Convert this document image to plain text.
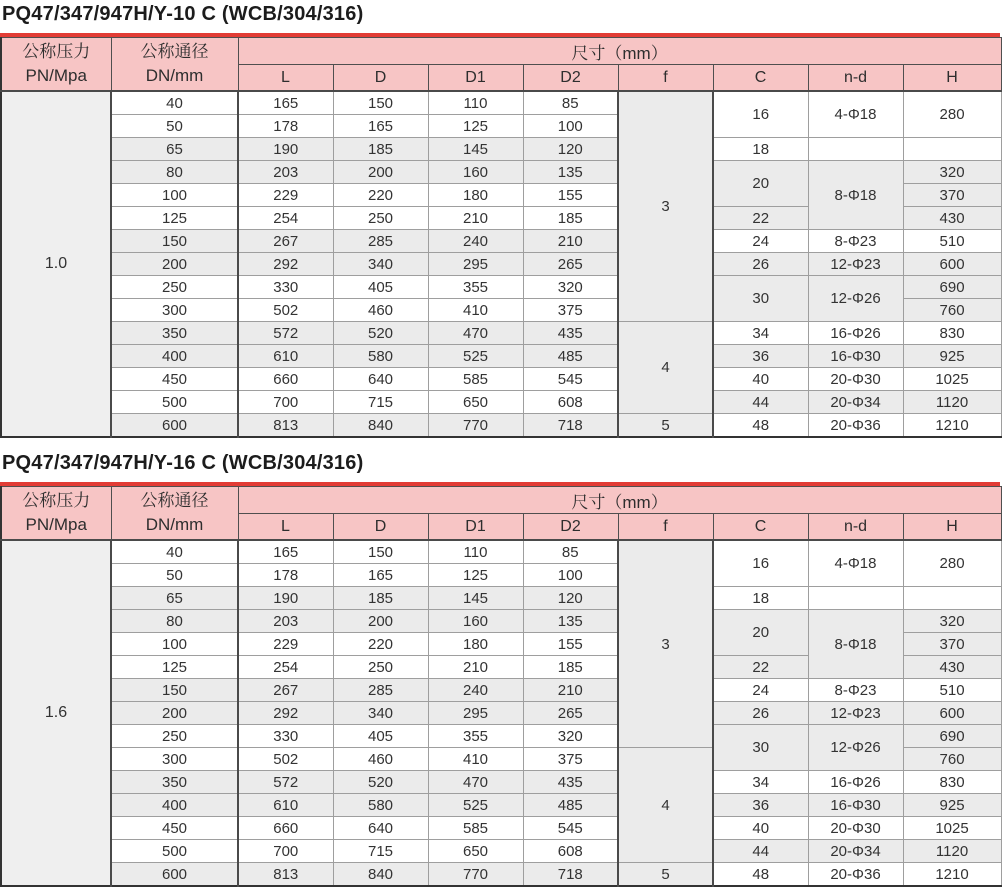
PQ47/347/947H/Y-10 C (WCB/304/316)
公称压力
PN/Mpa	公称通径
DN/mm	尺寸（mm）							
		L	D	D1	D2	f	C	n-d	H
1.0	40	165	150	110	85	3	16	4-Φ18	280
	50	178	165	125	100				
	65	190	185	145	120		18		
	80	203	200	160	135		20	8-Φ18	320
	100	229	220	180	155				370
	125	254	250	210	185		22		430
	150	267	285	240	210		24	8-Φ23	510
	200	292	340	295	265		26	12-Φ23	600
	250	330	405	355	320		30	12-Φ26	690
	300	502	460	410	375				760
	350	572	520	470	435	4	34	16-Φ26	830
	400	610	580	525	485		36	16-Φ30	925
	450	660	640	585	545		40	20-Φ30	1025
	500	700	715	650	608		44	20-Φ34	1120
	600	813	840	770	718	5	48	20-Φ36	1210
PQ47/347/947H/Y-16 C (WCB/304/316)
公称压力
PN/Mpa	公称通径
DN/mm	尺寸（mm）							
		L	D	D1	D2	f	C	n-d	H
1.6	40	165	150	110	85	3	16	4-Φ18	280
	50	178	165	125	100				
	65	190	185	145	120		18		
	80	203	200	160	135		20	8-Φ18	320
	100	229	220	180	155				370
	125	254	250	210	185		22		430
	150	267	285	240	210		24	8-Φ23	510
	200	292	340	295	265		26	12-Φ23	600
	250	330	405	355	320		30	12-Φ26	690
	300	502	460	410	375	4			760
	350	572	520	470	435		34	16-Φ26	830
	400	610	580	525	485		36	16-Φ30	925
	450	660	640	585	545		40	20-Φ30	1025
	500	700	715	650	608		44	20-Φ34	1120
	600	813	840	770	718	5	48	20-Φ36	1210
